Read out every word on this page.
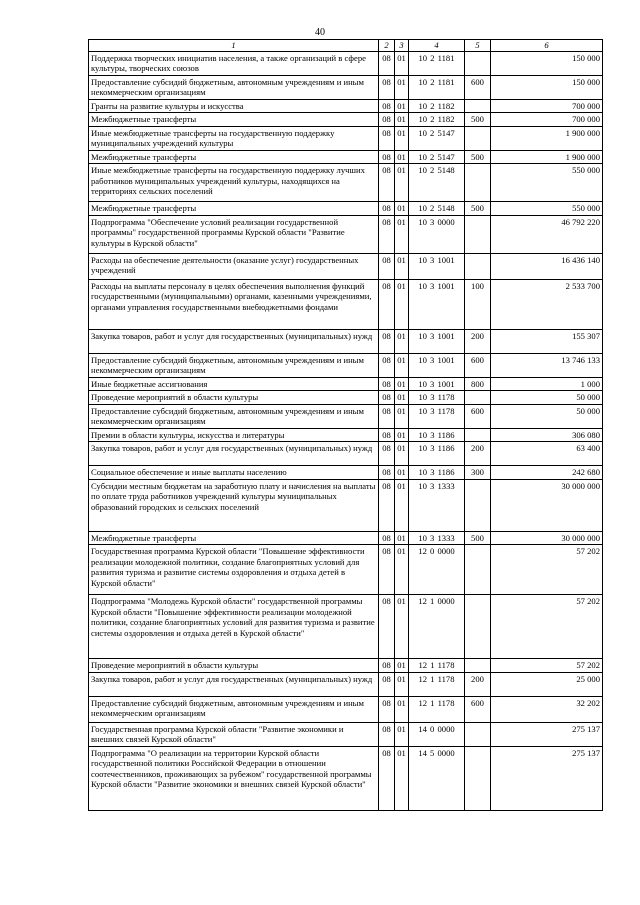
40
1	2	3	4	5	6
Поддержка творческих инициатив населения, а также организаций в сфере культуры, творческих союзов	08	01	10 2 1181		150 000
Предоставление субсидий бюджетным, автономным учреждениям и иным некоммерческим организациям	08	01	10 2 1181	600	150 000
Гранты на развитие культуры и искусства	08	01	10 2 1182		700 000
Межбюджетные трансферты	08	01	10 2 1182	500	700 000
Иные межбюджетные трансферты на государственную поддержку муниципальных учреждений культуры	08	01	10 2 5147		1 900 000
Межбюджетные трансферты	08	01	10 2 5147	500	1 900 000
Иные межбюджетные трансферты на государственную поддержку лучших работников муниципальных учреждений культуры, находящихся на территориях сельских поселений	08	01	10 2 5148		550 000
Межбюджетные трансферты	08	01	10 2 5148	500	550 000
Подпрограмма "Обеспечение условий реализации государственной программы" государственной программы Курской области "Развитие культуры в Курской области"	08	01	10 3 0000		46 792 220
Расходы на обеспечение деятельности (оказание услуг) государственных учреждений	08	01	10 3 1001		16 436 140
Расходы на выплаты персоналу в целях обеспечения выполнения функций государственными (муниципальными) органами, казенными учреждениями, органами управления государственными внебюджетными фондами	08	01	10 3 1001	100	2 533 700
Закупка товаров, работ и услуг для государственных (муниципальных) нужд	08	01	10 3 1001	200	155 307
Предоставление субсидий бюджетным, автономным учреждениям и иным некоммерческим организациям	08	01	10 3 1001	600	13 746 133
Иные бюджетные ассигнования	08	01	10 3 1001	800	1 000
Проведение мероприятий в области культуры	08	01	10 3 1178		50 000
Предоставление субсидий бюджетным, автономным учреждениям и иным некоммерческим организациям	08	01	10 3 1178	600	50 000
Премии в области культуры, искусства и литературы	08	01	10 3 1186		306 080
Закупка товаров, работ и услуг для государственных (муниципальных) нужд	08	01	10 3 1186	200	63 400
Социальное обеспечение и иные выплаты населению	08	01	10 3 1186	300	242 680
Субсидии местным бюджетам на заработную плату и начисления на выплаты по оплате труда работников учреждений культуры муниципальных образований городских и сельских поселений	08	01	10 3 1333		30 000 000
Межбюджетные трансферты	08	01	10 3 1333	500	30 000 000
Государственная программа Курской области "Повышение эффективности реализации молодежной политики, создание благоприятных условий для развития туризма и развитие системы оздоровления и отдыха детей в Курской области"	08	01	12 0 0000		57 202
Подпрограмма "Молодежь Курской области" государственной программы Курской области "Повышение эффективности реализации молодежной политики, создание благоприятных условий для развития туризма и развитие системы оздоровления и отдыха детей в Курской области"	08	01	12 1 0000		57 202
Проведение мероприятий в области культуры	08	01	12 1 1178		57 202
Закупка товаров, работ и услуг для государственных (муниципальных) нужд	08	01	12 1 1178	200	25 000
Предоставление субсидий бюджетным, автономным учреждениям и иным некоммерческим организациям	08	01	12 1 1178	600	32 202
Государственная программа Курской области "Развитие экономики и внешних связей Курской области"	08	01	14 0 0000		275 137
Подпрограмма "О реализации на территории Курской области государственной политики Российской Федерации в отношении соотечественников, проживающих за рубежом" государственной программы Курской области "Развитие экономики и внешних связей Курской области"	08	01	14 5 0000		275 137
